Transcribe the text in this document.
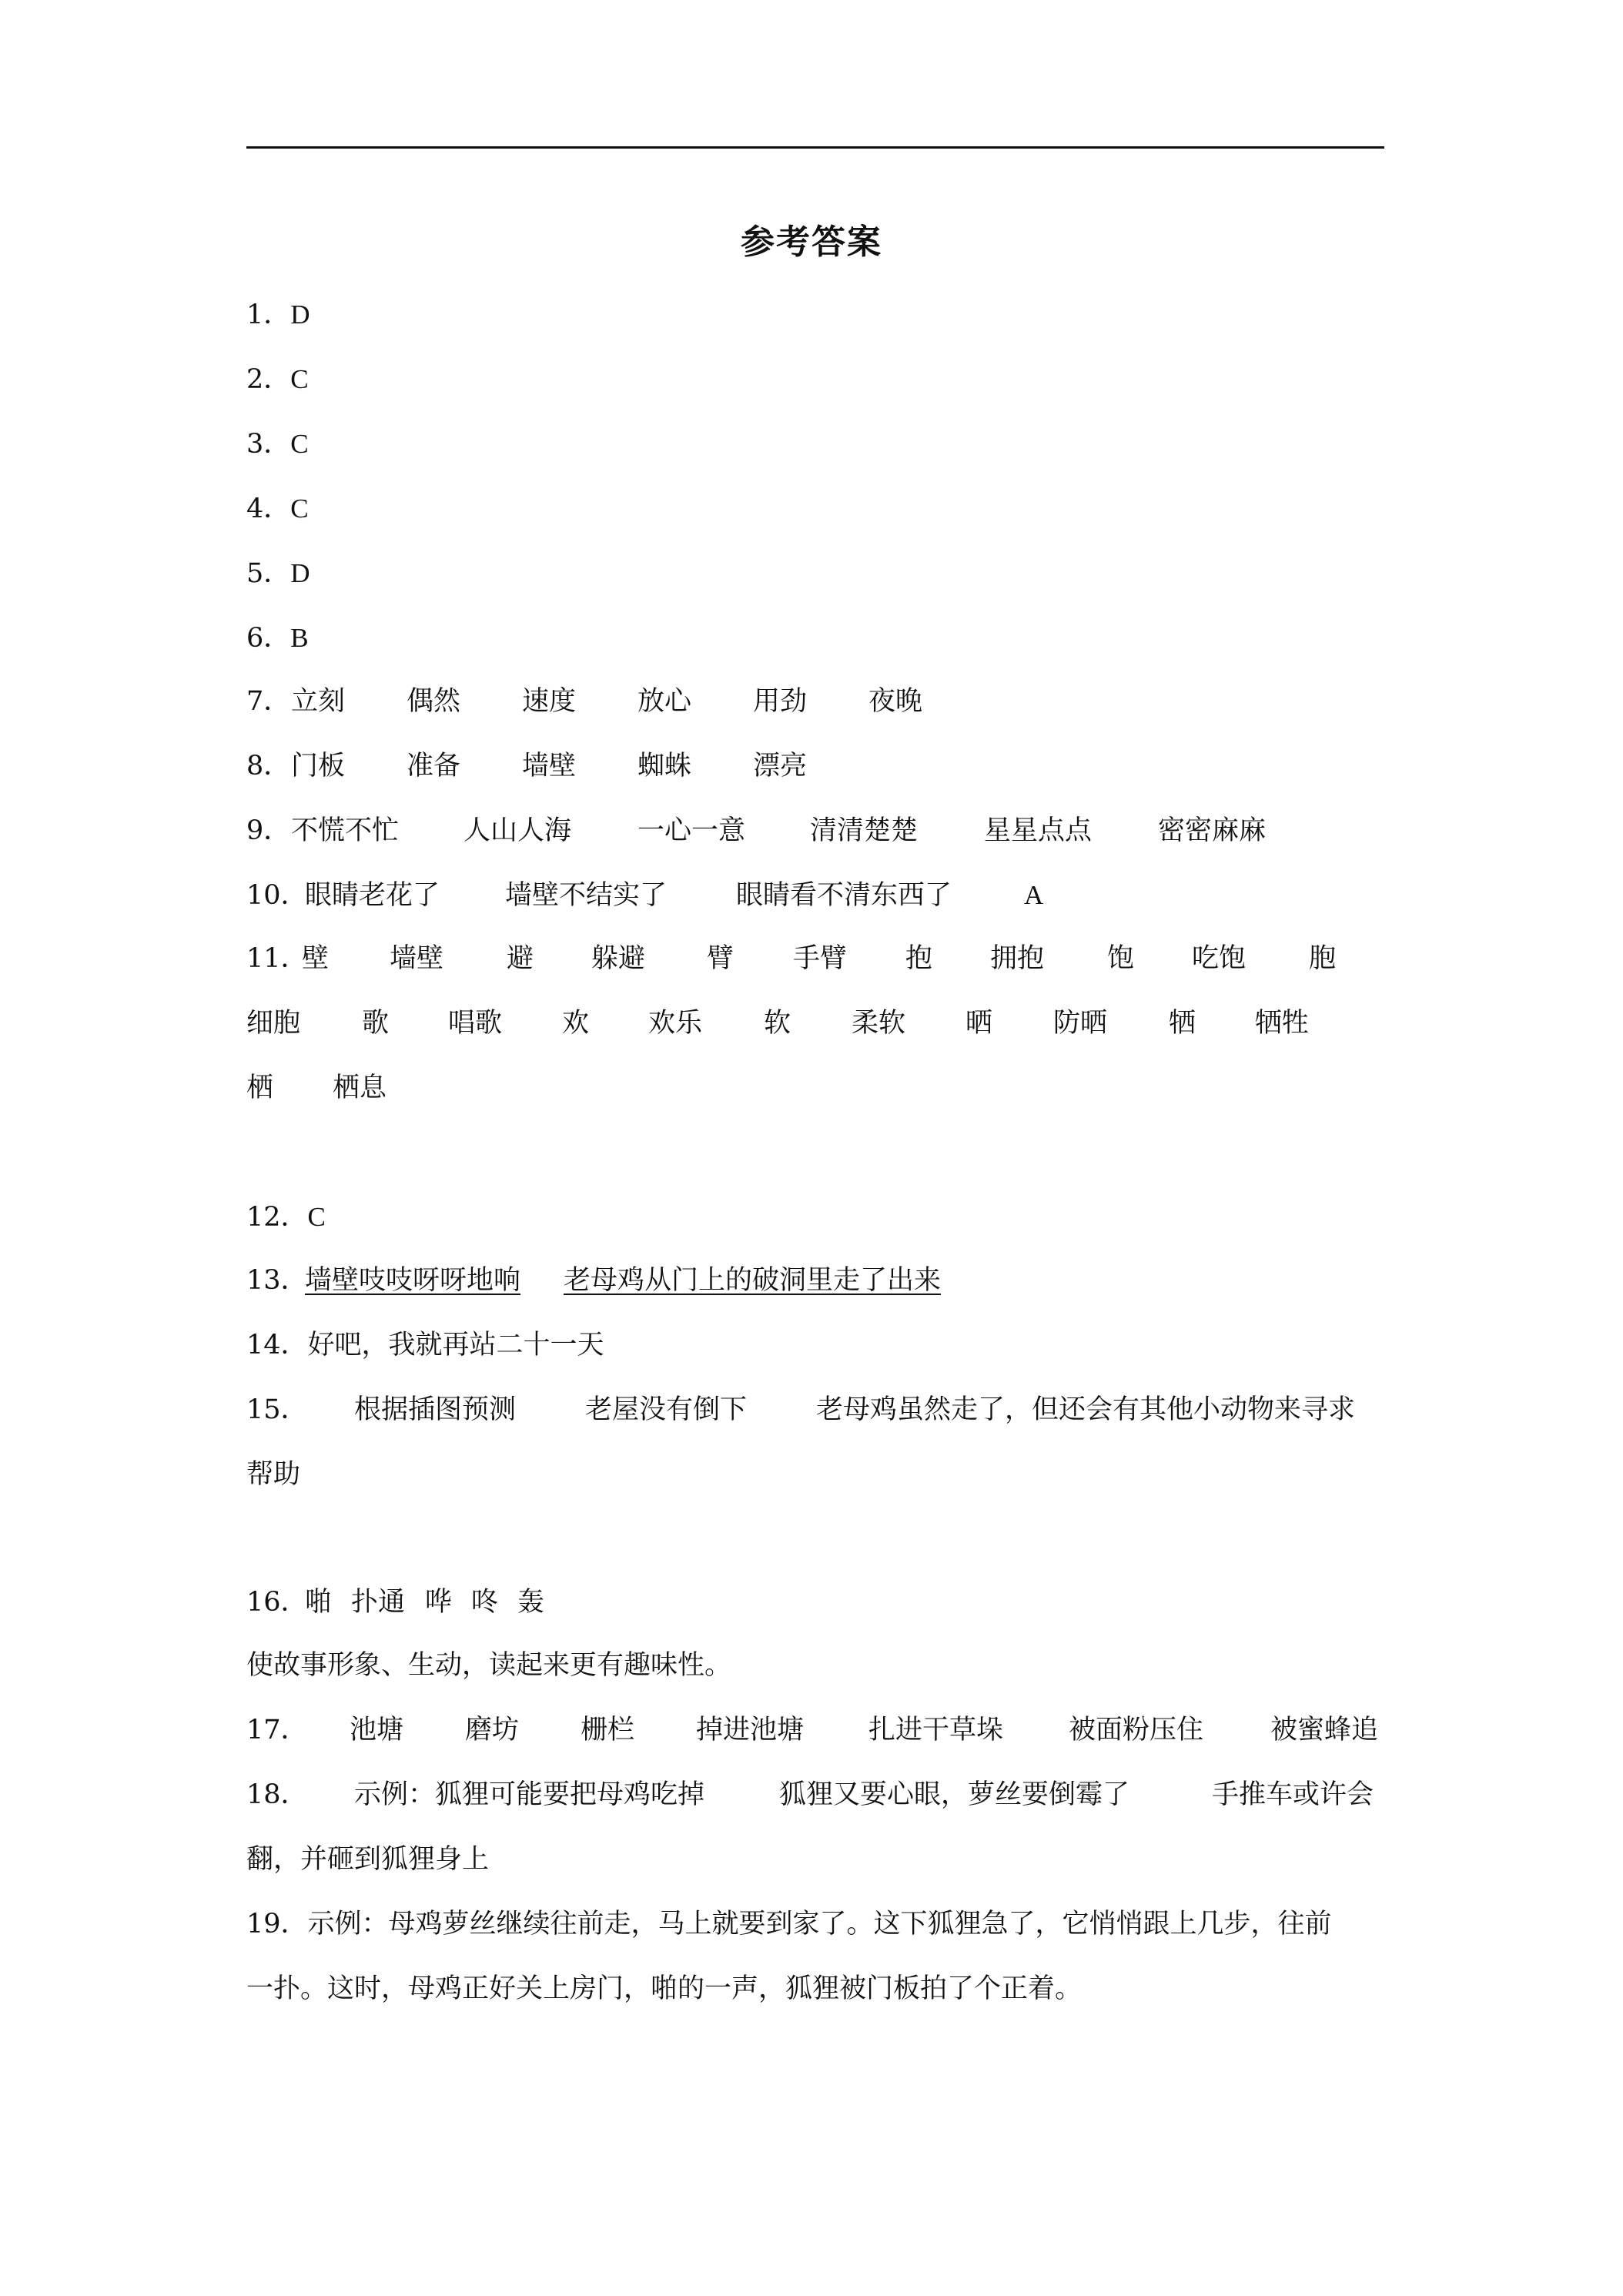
参考答案
1．D
2．C
3．C
4．C
5．D
6．B
7． 立刻 偶然 速度 放心 用劲 夜晚
8． 门板 准备 墙壁 蜘蛛 漂亮
9． 不慌不忙 人山人海 一心一意 清清楚楚 星星点点 密密麻麻
10．
眼睛老花了 墙壁不结实了	眼睛看不清东西了	A
11．
壁 墙壁 避 躲避 臂 手臂 抱 拥抱 饱 吃饱 胞
细胞 歌 唱歌 欢 欢乐 软 柔软 晒 防晒 牺 牺牲
栖 栖息
12．C
13．
墙壁吱吱呀呀地响 老母鸡从门上的破洞里走了出来
14．好吧，我就再站二十一天
15． 根据插图预测	老屋没有倒下	老母鸡虽然走了，但还会有其他小动物来寻求
帮助
16．
啪 扑通 哗 咚 轰
使故事形象、生动，读起来更有趣味性。
17． 池塘 磨坊 栅栏 掉进池塘 扎进干草垛 被面粉压住 被蜜蜂追
18． 示例：狐狸可能要把母鸡吃掉	狐狸又要心眼，萝丝要倒霉了	手推车或许会
翻，并砸到狐狸身上
19．示例：母鸡萝丝继续往前走，马上就要到家了。这下狐狸急了，它悄悄跟上几步，往前
一扑。这时，母鸡正好关上房门，啪的一声，狐狸被门板拍了个正着。
